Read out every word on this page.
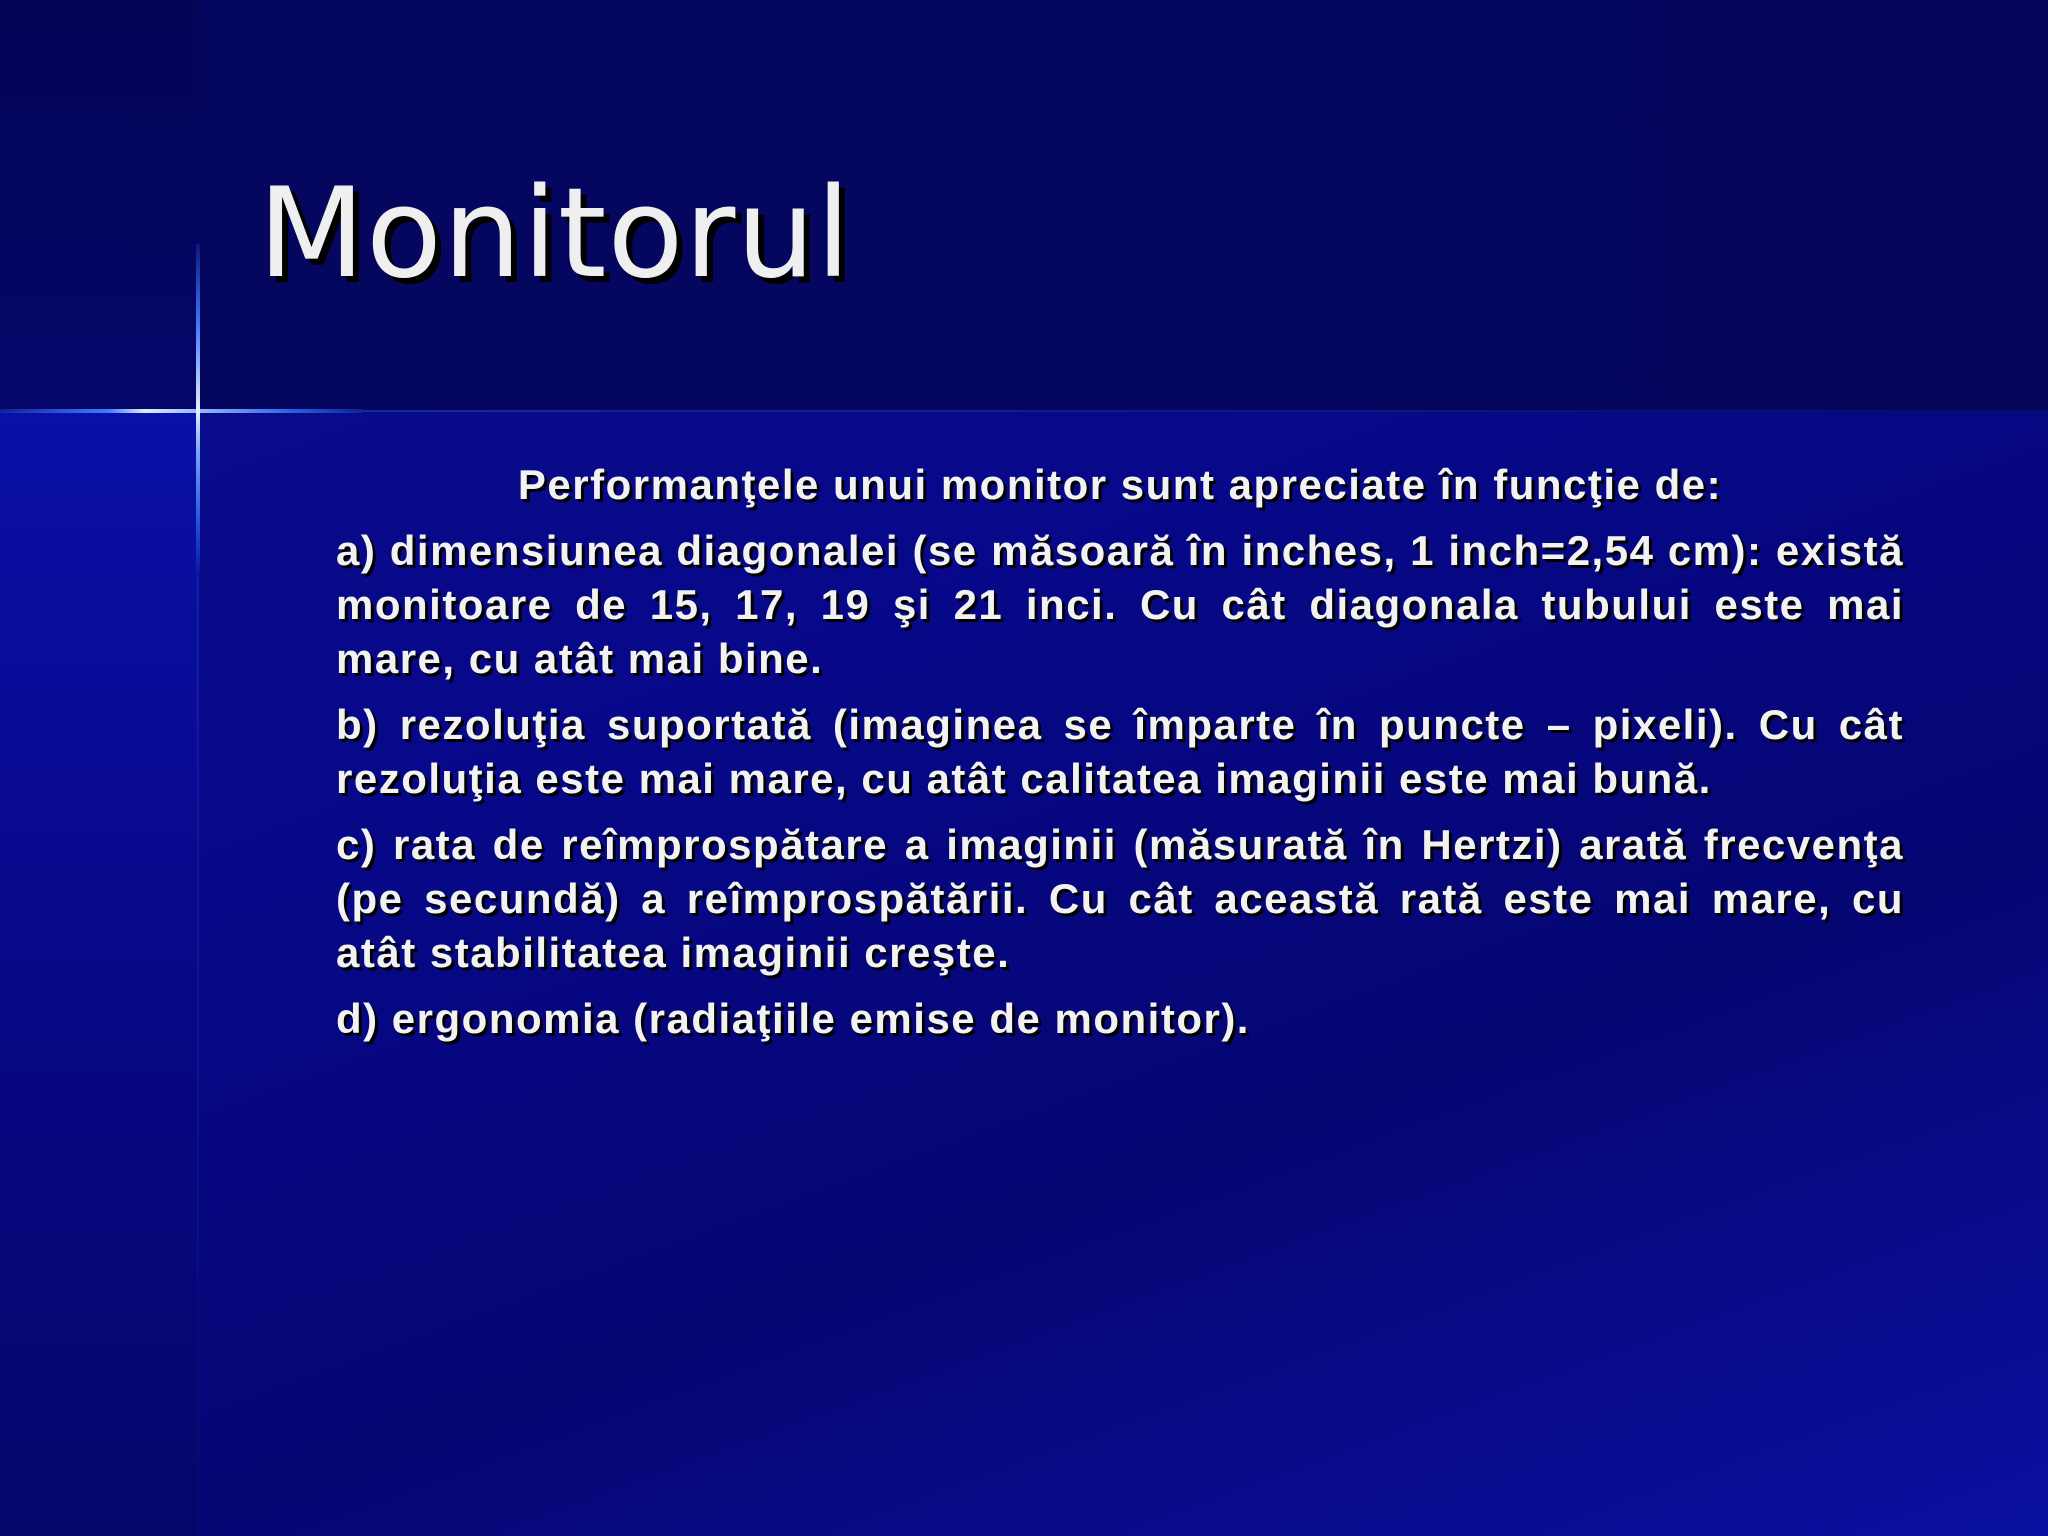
Monitorul

Performanţele unui monitor sunt apreciate în funcţie de:

a) dimensiunea diagonalei (se măsoară în inches, 1 inch=2,54 cm): există monitoare de 15, 17, 19 şi 21 inci. Cu cât diagonala tubului este mai mare, cu atât mai bine.

b) rezoluţia suportată (imaginea se împarte în puncte – pixeli). Cu cât rezoluţia este mai mare, cu atât calitatea imaginii este mai bună.

c) rata de reîmprospătare a imaginii (măsurată în Hertzi) arată frecvenţa (pe secundă) a reîmprospătării. Cu cât această rată este mai mare, cu atât stabilitatea imaginii creşte.

d) ergonomia (radiaţiile emise de monitor).
